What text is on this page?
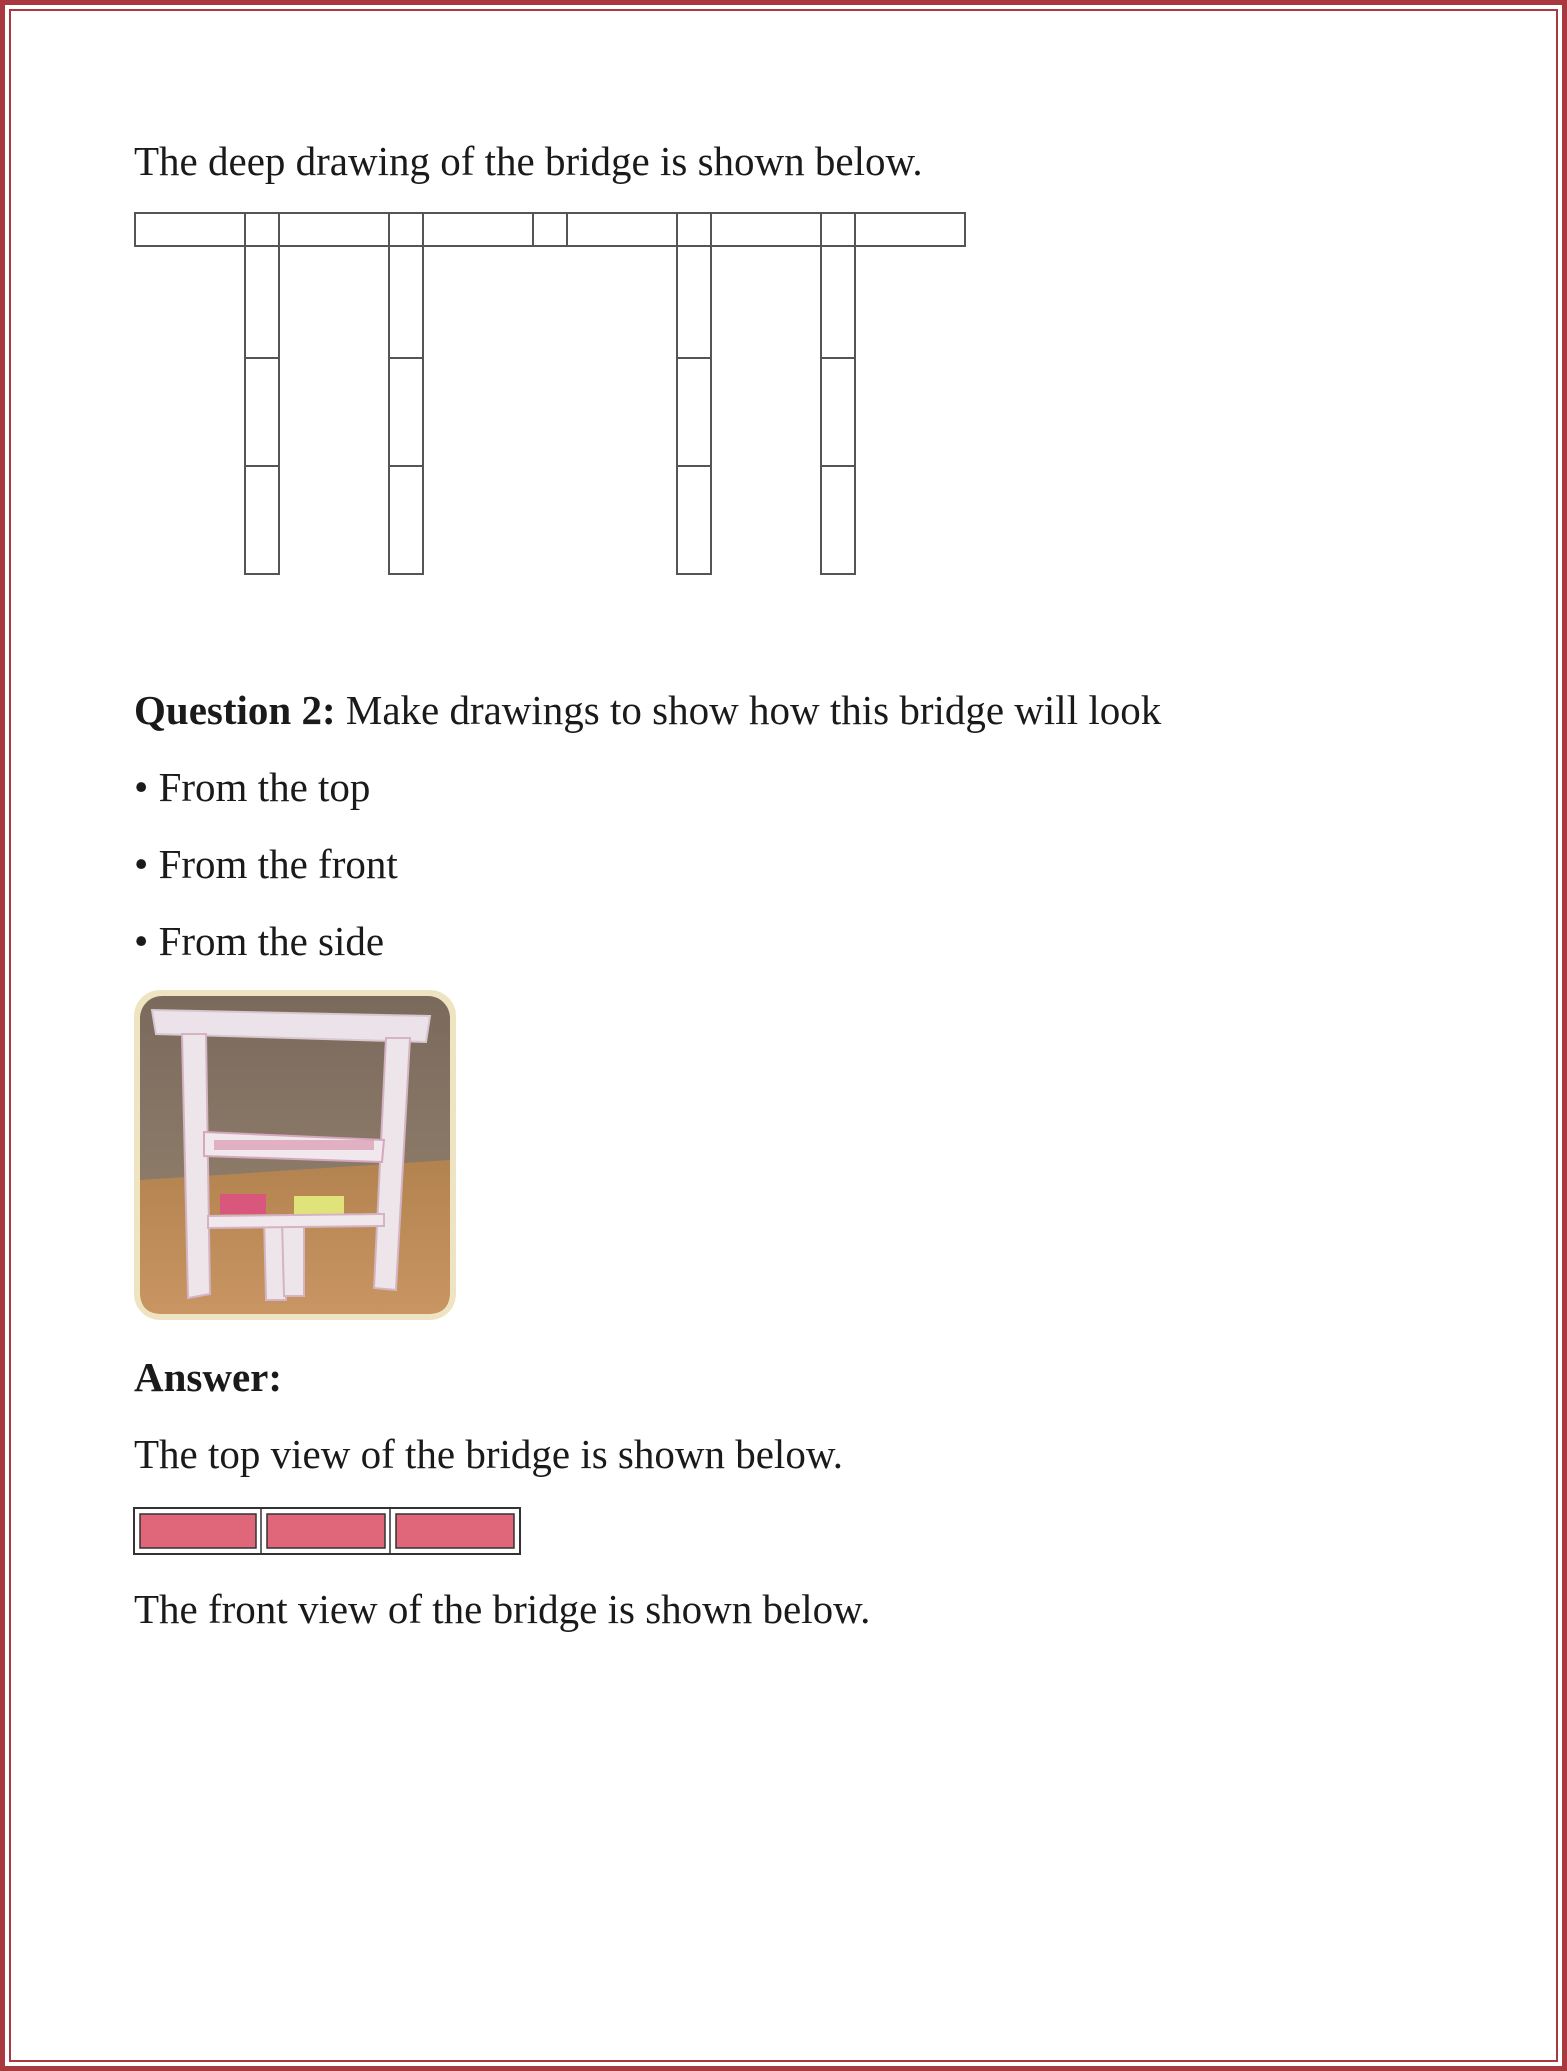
The deep drawing of the bridge is shown below.

Question 2: Make drawings to show how this bridge will look

• From the top

• From the front

• From the side

Answer:

The top view of the bridge is shown below.

The front view of the bridge is shown below.
